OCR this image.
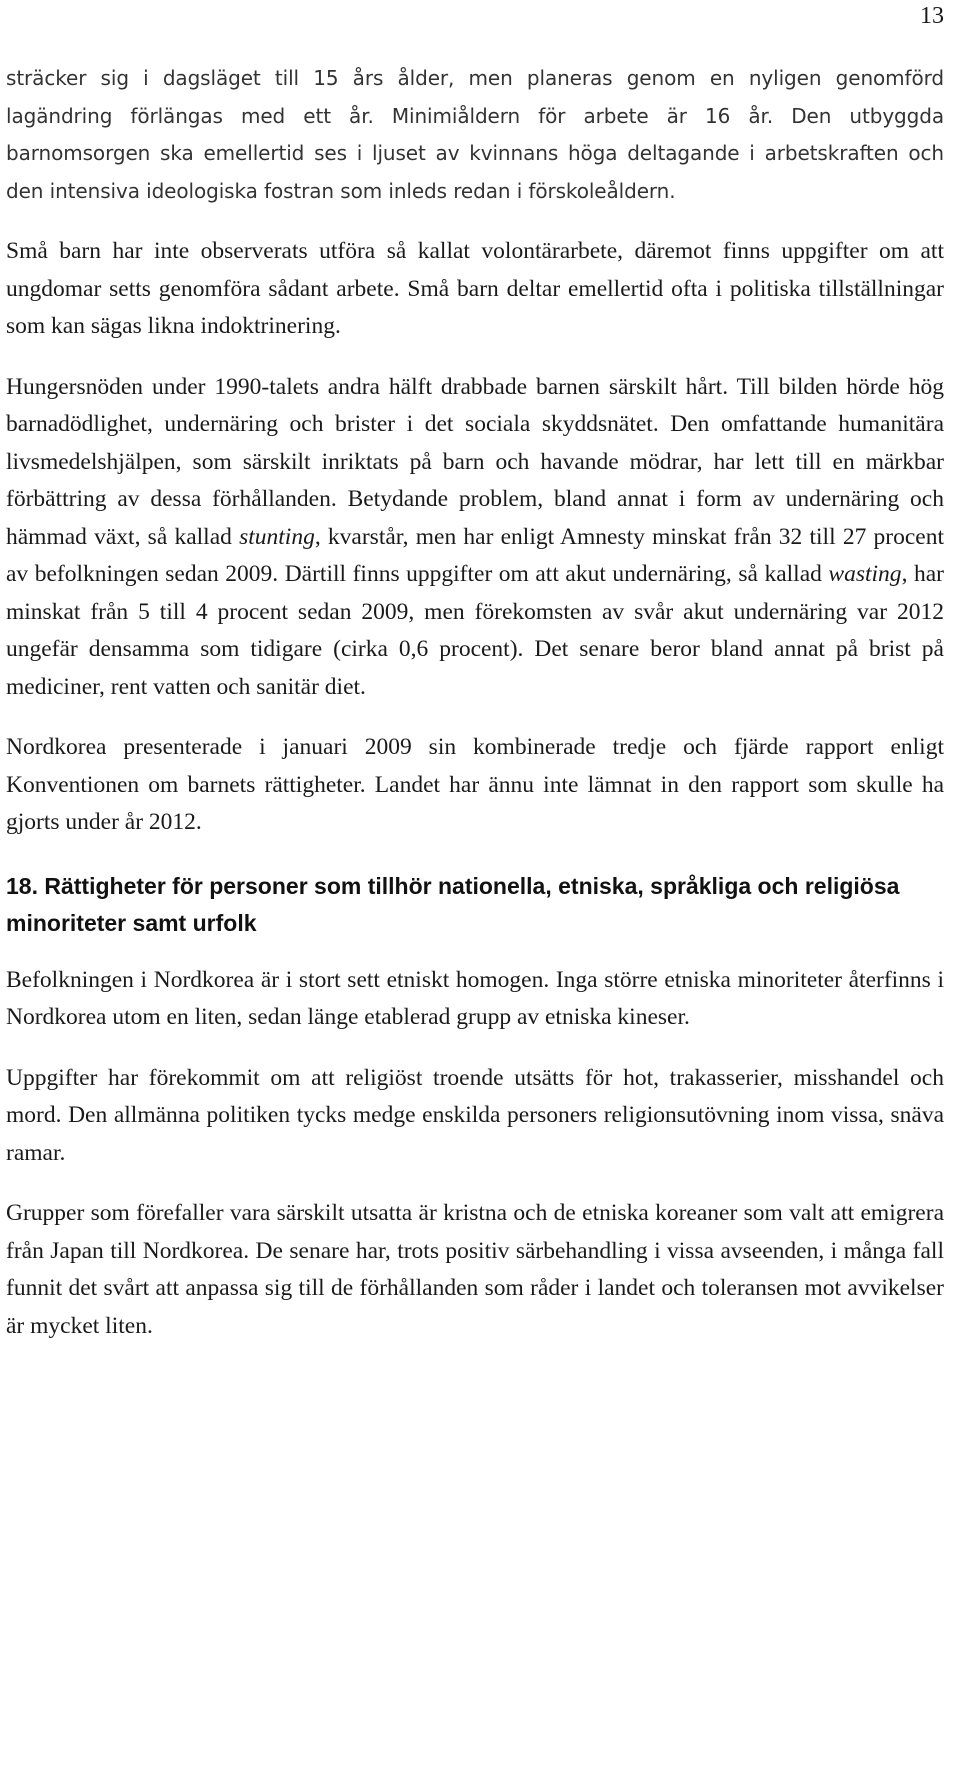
13

sträcker sig i dagsläget till 15 års ålder, men planeras genom en nyligen genomförd lagändring förlängas med ett år. Minimiåldern för arbete är 16 år. Den utbyggda barnomsorgen ska emellertid ses i ljuset av kvinnans höga deltagande i arbetskraften och den intensiva ideologiska fostran som inleds redan i förskoleåldern.

Små barn har inte observerats utföra så kallat volontärarbete, däremot finns uppgifter om att ungdomar setts genomföra sådant arbete. Små barn deltar emellertid ofta i politiska tillställningar som kan sägas likna indoktrinering.

Hungersnöden under 1990-talets andra hälft drabbade barnen särskilt hårt. Till bilden hörde hög barnadödlighet, undernäring och brister i det sociala skyddsnätet. Den omfattande humanitära livsmedelshjälpen, som särskilt inriktats på barn och havande mödrar, har lett till en märkbar förbättring av dessa förhållanden. Betydande problem, bland annat i form av undernäring och hämmad växt, så kallad stunting, kvarstår, men har enligt Amnesty minskat från 32 till 27 procent av befolkningen sedan 2009. Därtill finns uppgifter om att akut undernäring, så kallad wasting, har minskat från 5 till 4 procent sedan 2009, men förekomsten av svår akut undernäring var 2012 ungefär densamma som tidigare (cirka 0,6 procent). Det senare beror bland annat på brist på mediciner, rent vatten och sanitär diet.

Nordkorea presenterade i januari 2009 sin kombinerade tredje och fjärde rapport enligt Konventionen om barnets rättigheter. Landet har ännu inte lämnat in den rapport som skulle ha gjorts under år 2012.

18. Rättigheter för personer som tillhör nationella, etniska, språkliga och religiösa minoriteter samt urfolk

Befolkningen i Nordkorea är i stort sett etniskt homogen. Inga större etniska minoriteter återfinns i Nordkorea utom en liten, sedan länge etablerad grupp av etniska kineser.

Uppgifter har förekommit om att religiöst troende utsätts för hot, trakasserier, misshandel och mord. Den allmänna politiken tycks medge enskilda personers religionsutövning inom vissa, snäva ramar.

Grupper som förefaller vara särskilt utsatta är kristna och de etniska koreaner som valt att emigrera från Japan till Nordkorea. De senare har, trots positiv särbehandling i vissa avseenden, i många fall funnit det svårt att anpassa sig till de förhållanden som råder i landet och toleransen mot avvikelser är mycket liten.
